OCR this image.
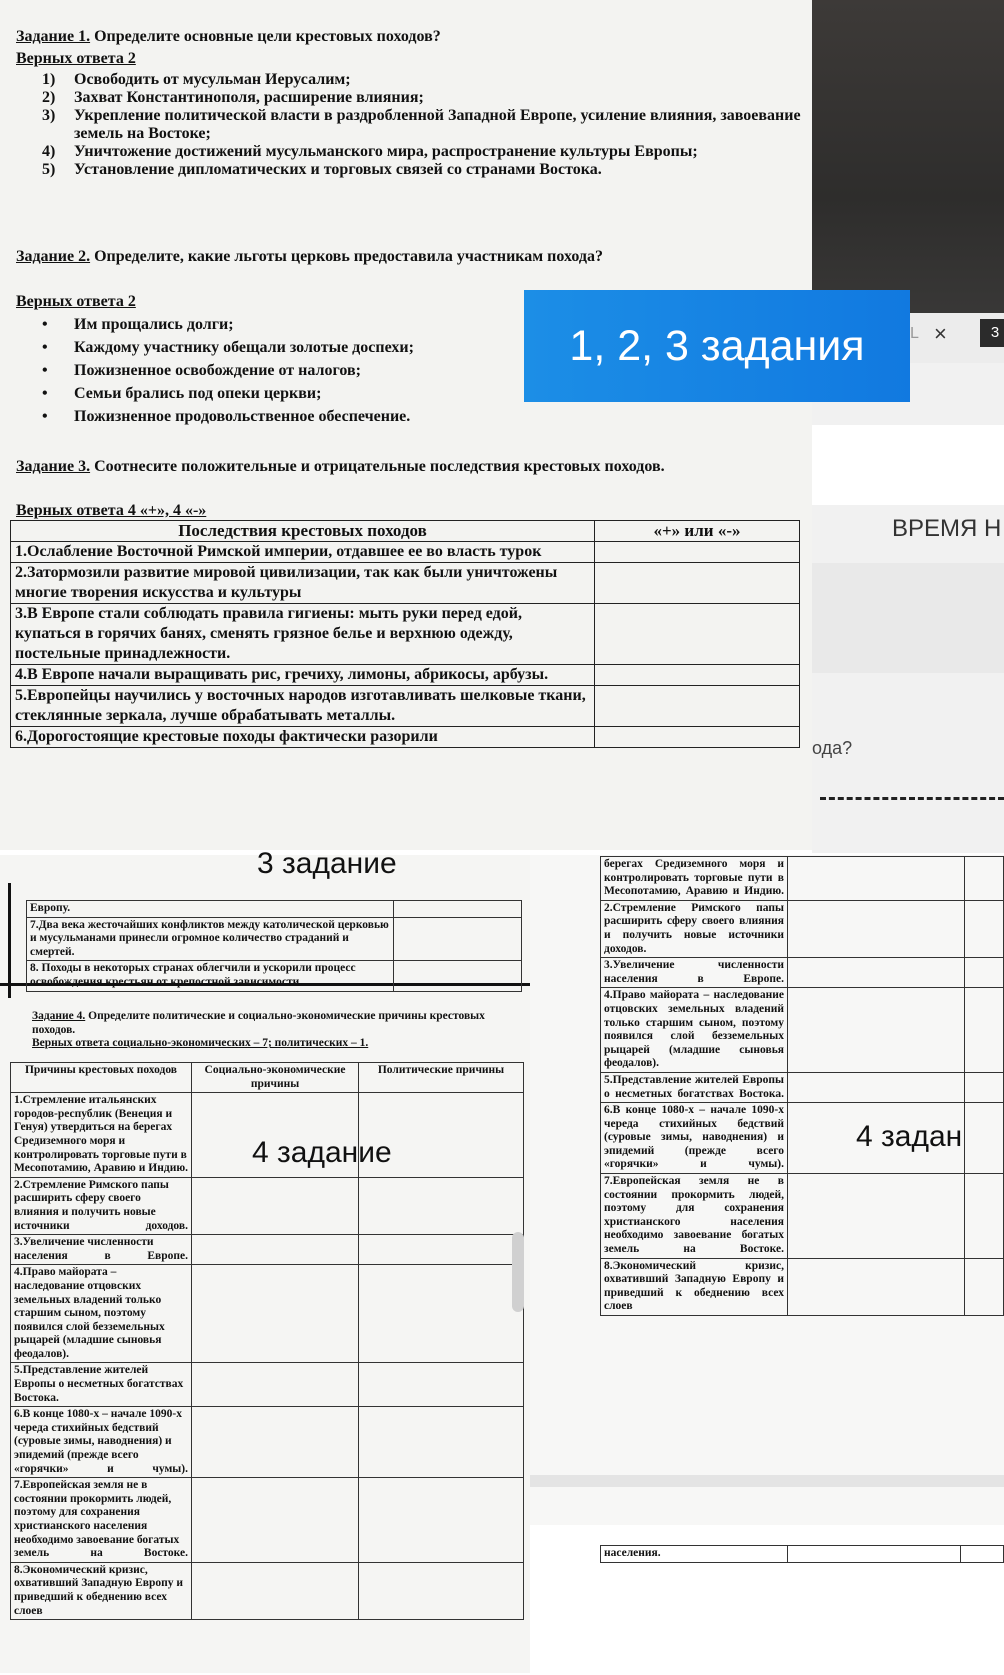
L ×	3
ВРЕМЯ Н
ода?
Задание 1. Определите основные цели крестовых походов?
Верных ответа 2
1)	Освободить от мусульман Иерусалим;
2)	Захват Константинополя, расширение влияния;
3)	Укрепление политической власти в раздробленной Западной Европе, усиление влияния, завоевание земель на Востоке;
4)	Уничтожение достижений мусульманского мира, распространение культуры Европы;
5)	Установление дипломатических и торговых связей со странами Востока.
Задание 2. Определите, какие льготы церковь предоставила участникам похода?
Верных ответа 2
•	Им прощались долги;
•	Каждому участнику обещали золотые доспехи;
•	Пожизненное освобождение от налогов;
•	Семьи брались под опеки церкви;
•	Пожизненное продовольственное обеспечение.
Задание 3. Соотнесите положительные и отрицательные последствия крестовых походов.
Верных ответа 4 «+», 4 «-»
Последствия крестовых походов	«+» или «-»
1.Ослабление Восточной Римской империи, отдавшее ее во власть турок	
2.Затормозили развитие мировой цивилизации, так как были уничтожены многие творения искусства и культуры	
3.В Европе стали соблюдать правила гигиены: мыть руки перед едой, купаться в горячих банях, сменять грязное белье и верхнюю одежду, постельные принадлежности.	
4.В Европе начали выращивать рис, гречиху, лимоны, абрикосы, арбузы.	
5.Европейцы научились у восточных народов изготавливать шелковые ткани, стеклянные зеркала, лучше обрабатывать металлы.	
6.Дорогостоящие крестовые походы фактически разорили	
1, 2, 3 задания
3 задание
Европу.	
7.Два века жесточайших конфликтов между католической церковью и мусульманами принесли огромное количество страданий и смертей.	
8. Походы в некоторых странах облегчили и ускорили процесс освобождения крестьян от крепостной зависимости.	
Задание 4. Определите политические и социально-экономические причины крестовых походов.
Верных ответа социально-экономических – 7; политических – 1.
Причины крестовых походов	Социально-экономические причины	Политические причины
1.Стремление итальянских городов-республик (Венеция и Генуя) утвердиться на берегах Средиземного моря и контролировать торговые пути в Месопотамию, Аравию и Индию.		
2.Стремление Римского папы расширить сферу своего влияния и получить новые источники доходов.		
3.Увеличение численности населения в Европе.		
4.Право майората – наследование отцовских земельных владений только старшим сыном, поэтому появился слой безземельных рыцарей (младшие сыновья феодалов).		
5.Представление жителей Европы о несметных богатствах Востока.		
6.В конце 1080-х – начале 1090-х череда стихийных бедствий (суровые зимы, наводнения) и эпидемий (прежде всего «горячки» и чумы).		
7.Европейская земля не в состоянии прокормить людей, поэтому для сохранения христианского населения необходимо завоевание богатых земель на Востоке.		
8.Экономический кризис, охвативший Западную Европу и приведший к обеднению всех слоев		
4 задание
берегах Средиземного моря и контролировать торговые пути в Месопотамию, Аравию и Индию.		
2.Стремление Римского папы расширить сферу своего влияния и получить новые источники доходов.		
3.Увеличение численности населения в Европе.		
4.Право майората – наследование отцовских земельных владений только старшим сыном, поэтому появился слой безземельных рыцарей (младшие сыновья феодалов).		
5.Представление жителей Европы о несметных богатствах Востока.		
6.В конце 1080-х – начале 1090-х череда стихийных бедствий (суровые зимы, наводнения) и эпидемий (прежде всего «горячки» и чумы).		
7.Европейская земля не в состоянии прокормить людей, поэтому для сохранения христианского населения необходимо завоевание богатых земель на Востоке.		
8.Экономический кризис, охвативший Западную Европу и приведший к обеднению всех слоев		
4 задан
населения.		
